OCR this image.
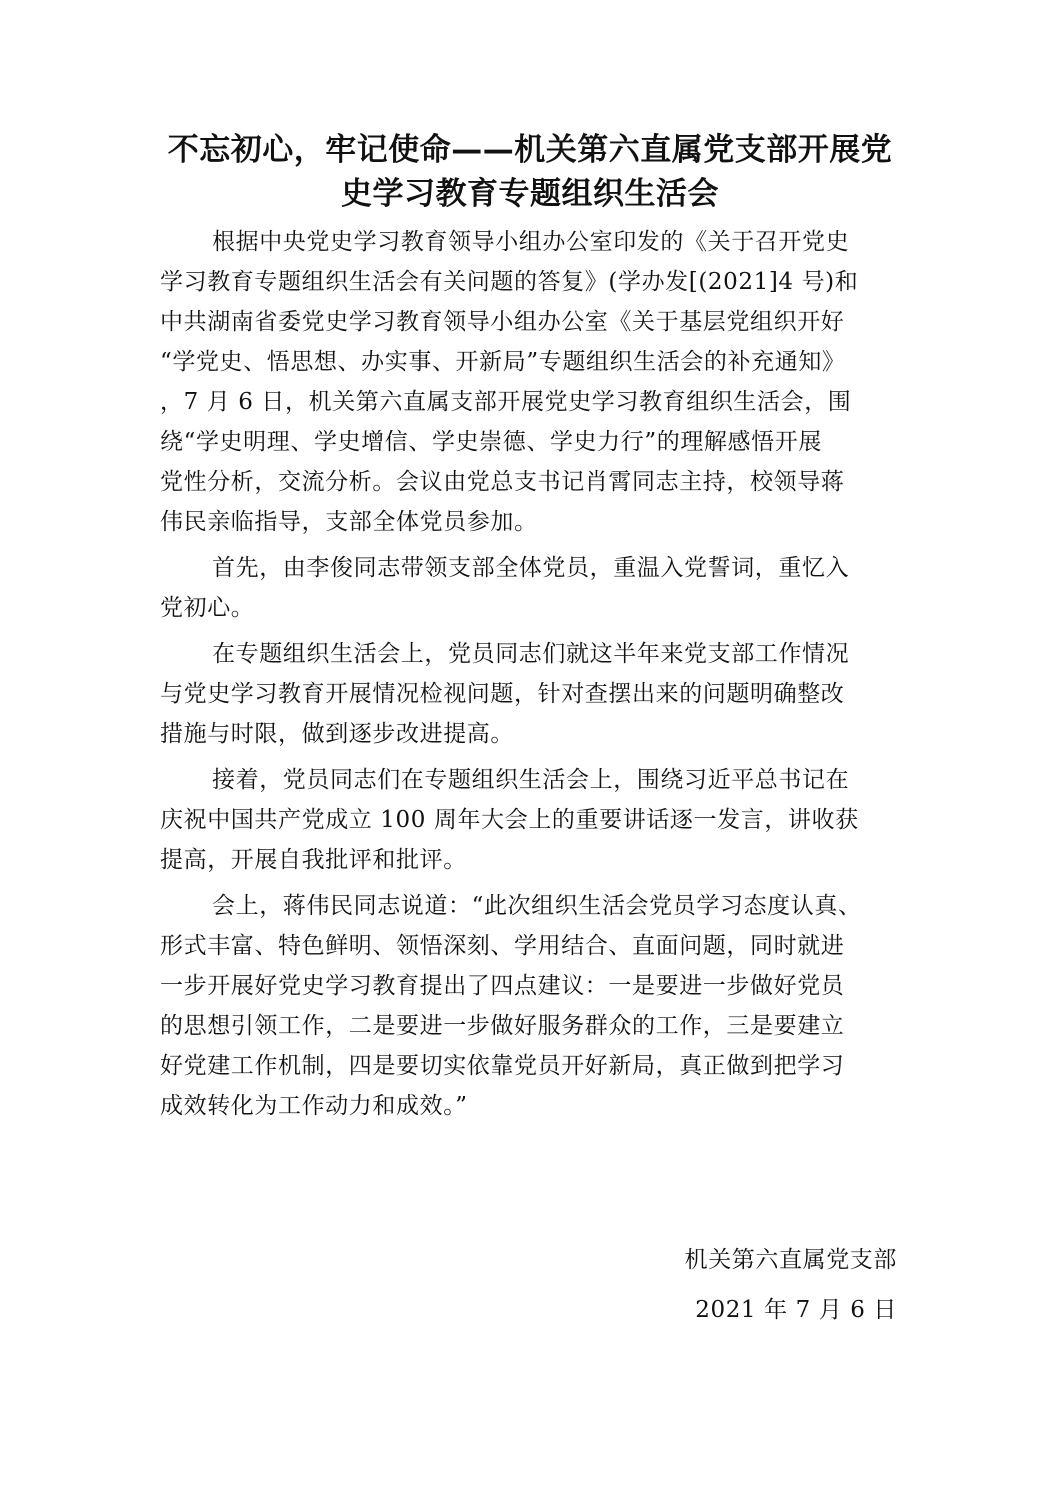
不忘初心，牢记使命——机关第六直属党支部开展党
史学习教育专题组织生活会

根据中央党史学习教育领导小组办公室印发的《关于召开党史
学习教育专题组织生活会有关问题的答复》(学办发[(2021]4 号)和
中共湖南省委党史学习教育领导小组办公室《关于基层党组织开好
“学党史、悟思想、办实事、开新局”专题组织生活会的补充通知》
，7 月 6 日，机关第六直属支部开展党史学习教育组织生活会，围
绕“学史明理、学史增信、学史崇德、学史力行”的理解感悟开展
党性分析，交流分析。会议由党总支书记肖霄同志主持，校领导蒋
伟民亲临指导，支部全体党员参加。

首先，由李俊同志带领支部全体党员，重温入党誓词，重忆入
党初心。

在专题组织生活会上，党员同志们就这半年来党支部工作情况
与党史学习教育开展情况检视问题，针对查摆出来的问题明确整改
措施与时限，做到逐步改进提高。

接着，党员同志们在专题组织生活会上，围绕习近平总书记在
庆祝中国共产党成立 100 周年大会上的重要讲话逐一发言，讲收获
提高，开展自我批评和批评。

会上，蒋伟民同志说道：“此次组织生活会党员学习态度认真、
形式丰富、特色鲜明、领悟深刻、学用结合、直面问题，同时就进
一步开展好党史学习教育提出了四点建议：一是要进一步做好党员
的思想引领工作，二是要进一步做好服务群众的工作，三是要建立
好党建工作机制，四是要切实依靠党员开好新局，真正做到把学习
成效转化为工作动力和成效。”

机关第六直属党支部
2021 年 7 月 6 日
